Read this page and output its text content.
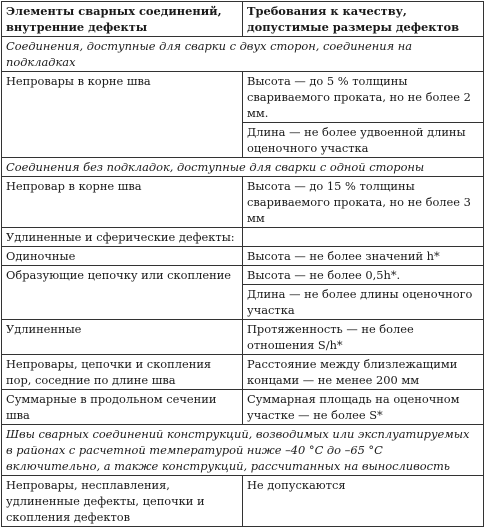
Элементы сварных соединений, внутренние дефекты	Требования к качеству, допустимые размеры дефектов
Соединения, доступные для сварки с двух сторон, соединения на подкладках	
Непровары в корне шва	Высота — до 5 % толщины свариваемого проката, но не более 2 мм.
Длина — не более удвоенной длины оценочного участка

Соединения без подкладок, доступные для сварки с одной стороны	
Непровар в корне шва	Высота — до 15 % толщины свариваемого проката, но не более 3 мм
Удлиненные и сферические дефекты:	
Одиночные	Высота — не более значений h*
Образующие цепочку или скопление	Высота — не более 0,5h*.
Длина — не более длины оценочного участка

Удлиненные	Протяженность — не более отношения S/h*
Непровары, цепочки и скопления пор, соседние по длине шва	Расстояние между близлежащими концами — не менее 200 мм
Суммарные в продольном сечении шва	Суммарная площадь на оценочном участке — не более S*
Швы сварных соединений конструкций, возводимых или эксплуатируемых в районах с расчетной температурой ниже –40 °С до –65 °С включительно, а также конструкций, рассчитанных на выносливость	
Непровары, несплавления, удлиненные дефекты, цепочки и скопления дефектов	Не допускаются
